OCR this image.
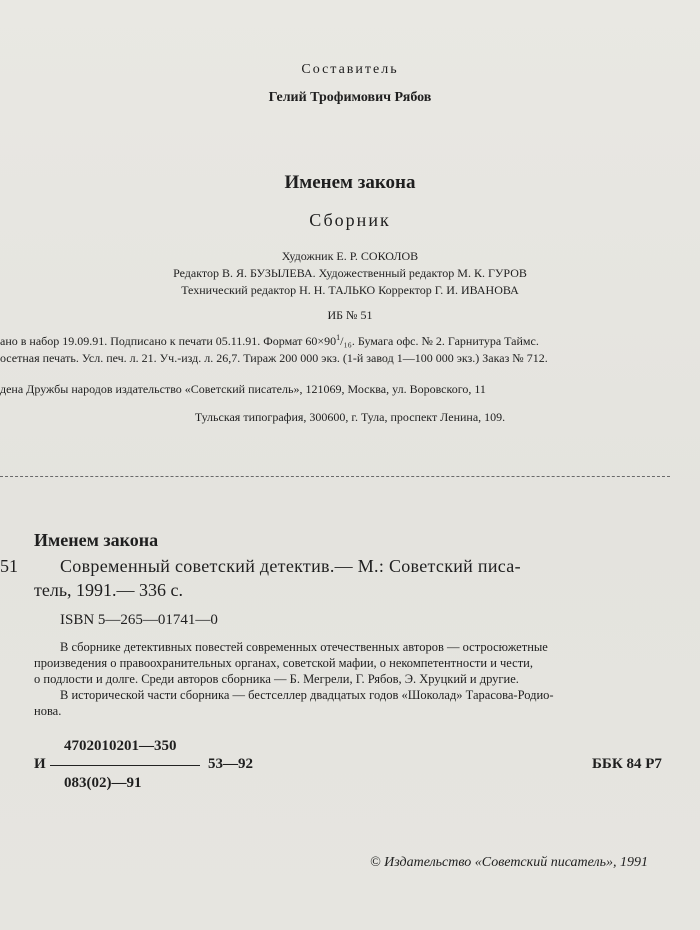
Составитель
Гелий Трофимович Рябов
Именем закона
Сборник
Художник Е. Р. СОКОЛОВ
Редактор В. Я. БУЗЫЛЕВА. Художественный редактор М. К. ГУРОВ
Технический редактор Н. Н. ТАЛЬКО Корректор Г. И. ИВАНОВА
ИБ № 51
ано в набор 19.09.91. Подписано к печати 05.11.91. Формат $60\times 90^1/_{16}$. Бумага офс. № 2. Гарнитура Таймс.
осетная печать. Усл. печ. л. 21. Уч.-изд. л. 26,7. Тираж 200 000 экз. (1-й завод 1—100 000 экз.) Заказ № 712.
дена Дружбы народов издательство «Советский писатель», 121069, Москва, ул. Воровского, 11
Тульская типография, 300600, г. Тула, проспект Ленина, 109.
Именем закона
51 Современный советский детектив.— М.: Советский писа-
тель, 1991.— 336 с.
ISBN 5—265—01741—0
В сборнике детективных повестей современных отечественных авторов — остросюжетные
произведения о правоохранительных органах, советской мафии, о некомпетентности и чести,
о подлости и долге. Среди авторов сборника — Б. Мегрели, Г. Рябов, Э. Хруцкий и другие.
В исторической части сборника — бестселлер двадцатых годов «Шоколад» Тарасова-Родио-
нова.
4702010201—350
И	53—92
083(02)—91
ББК 84 Р7
© Издательство «Советский писатель», 1991
